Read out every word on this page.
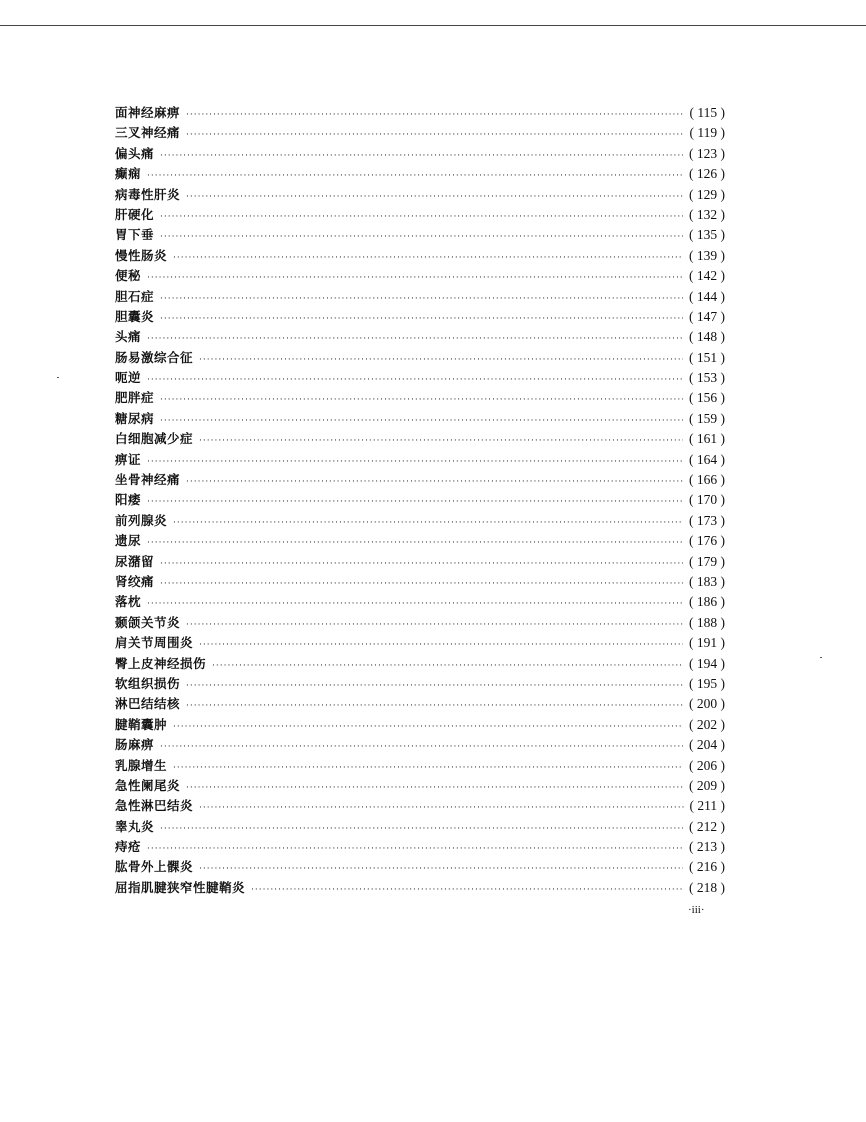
面神经麻痹 ·····	( 115 )
三叉神经痛 ·····	( 119 )
偏头痛 ·····	( 123 )
癫痫 ·····	( 126 )
病毒性肝炎 ·····	( 129 )
肝硬化 ·····	( 132 )
胃下垂 ·····	( 135 )
慢性肠炎 ·····	( 139 )
便秘 ·····	( 142 )
胆石症 ·····	( 144 )
胆囊炎 ·····	( 147 )
头痛 ·····	( 148 )
肠易激综合征 ·····	( 151 )
呃逆 ·····	( 153 )
肥胖症 ·····	( 156 )
糖尿病 ·····	( 159 )
白细胞减少症 ·····	( 161 )
痹证 ·····	( 164 )
坐骨神经痛 ·····	( 166 )
阳痿 ·····	( 170 )
前列腺炎 ·····	( 173 )
遗尿 ·····	( 176 )
尿潴留 ·····	( 179 )
肾绞痛 ·····	( 183 )
落枕 ·····	( 186 )
颞颌关节炎 ·····	( 188 )
肩关节周围炎 ·····	( 191 )
臀上皮神经损伤 ·····	( 194 )
软组织损伤 ·····	( 195 )
淋巴结结核 ·····	( 200 )
腱鞘囊肿 ·····	( 202 )
肠麻痹 ·····	( 204 )
乳腺增生 ·····	( 206 )
急性阑尾炎 ·····	( 209 )
急性淋巴结炎 ·····	( 211 )
睾丸炎 ·····	( 212 )
痔疮 ·····	( 213 )
肱骨外上髁炎 ·····	( 216 )
屈指肌腱狭窄性腱鞘炎 ·····	( 218 )
·iii·
